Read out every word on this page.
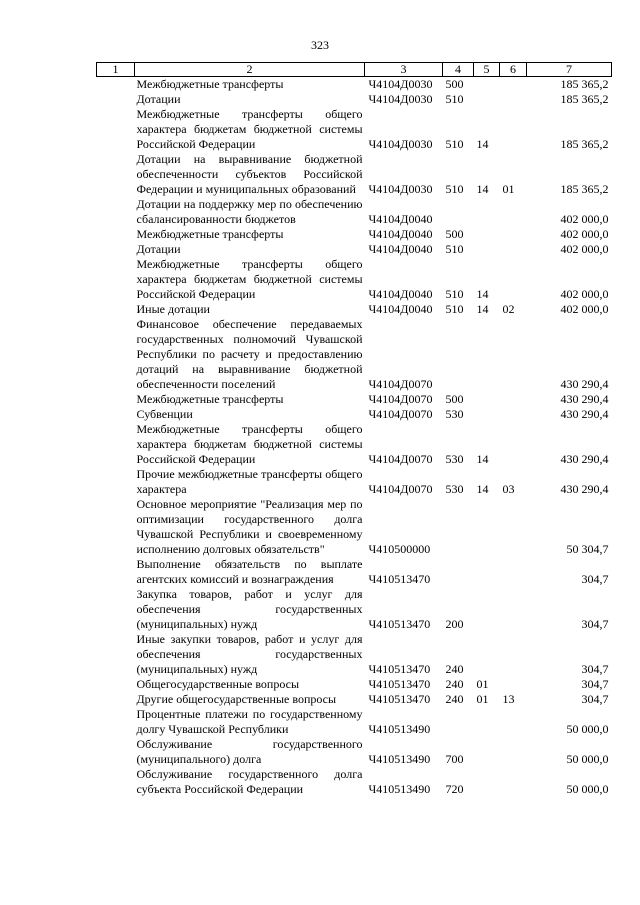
323
1	2	3	4	5	6	7
	Межбюджетные трансферты	Ч4104Д0030	500			185 365,2
	Дотации	Ч4104Д0030	510			185 365,2
	Межбюджетные трансферты общего характера бюджетам бюджетной системы Российской Федерации	Ч4104Д0030	510	14		185 365,2
	Дотации на выравнивание бюджетной обеспеченности субъектов Российской Федерации и муниципальных образований	Ч4104Д0030	510	14	01	185 365,2
	Дотации на поддержку мер по обеспечению сбалансированности бюджетов	Ч4104Д0040				402 000,0
	Межбюджетные трансферты	Ч4104Д0040	500			402 000,0
	Дотации	Ч4104Д0040	510			402 000,0
	Межбюджетные трансферты общего характера бюджетам бюджетной системы Российской Федерации	Ч4104Д0040	510	14		402 000,0
	Иные дотации	Ч4104Д0040	510	14	02	402 000,0
	Финансовое обеспечение передаваемых государственных полномочий Чувашской Республики по расчету и предоставлению дотаций на выравнивание бюджетной обеспеченности поселений	Ч4104Д0070				430 290,4
	Межбюджетные трансферты	Ч4104Д0070	500			430 290,4
	Субвенции	Ч4104Д0070	530			430 290,4
	Межбюджетные трансферты общего характера бюджетам бюджетной системы Российской Федерации	Ч4104Д0070	530	14		430 290,4
	Прочие межбюджетные трансферты общего характера	Ч4104Д0070	530	14	03	430 290,4
	Основное мероприятие "Реализация мер по оптимизации государственного долга Чувашской Республики и своевременному исполнению долговых обязательств"	Ч410500000				50 304,7
	Выполнение обязательств по выплате агентских комиссий и вознаграждения	Ч410513470				304,7
	Закупка товаров, работ и услуг для обеспечения государственных (муниципальных) нужд	Ч410513470	200			304,7
	Иные закупки товаров, работ и услуг для обеспечения государственных (муниципальных) нужд	Ч410513470	240			304,7
	Общегосударственные вопросы	Ч410513470	240	01		304,7
	Другие общегосударственные вопросы	Ч410513470	240	01	13	304,7
	Процентные платежи по государственному долгу Чувашской Республики	Ч410513490				50 000,0
	Обслуживание государственного (муниципального) долга	Ч410513490	700			50 000,0
	Обслуживание государственного долга субъекта Российской Федерации	Ч410513490	720			50 000,0
